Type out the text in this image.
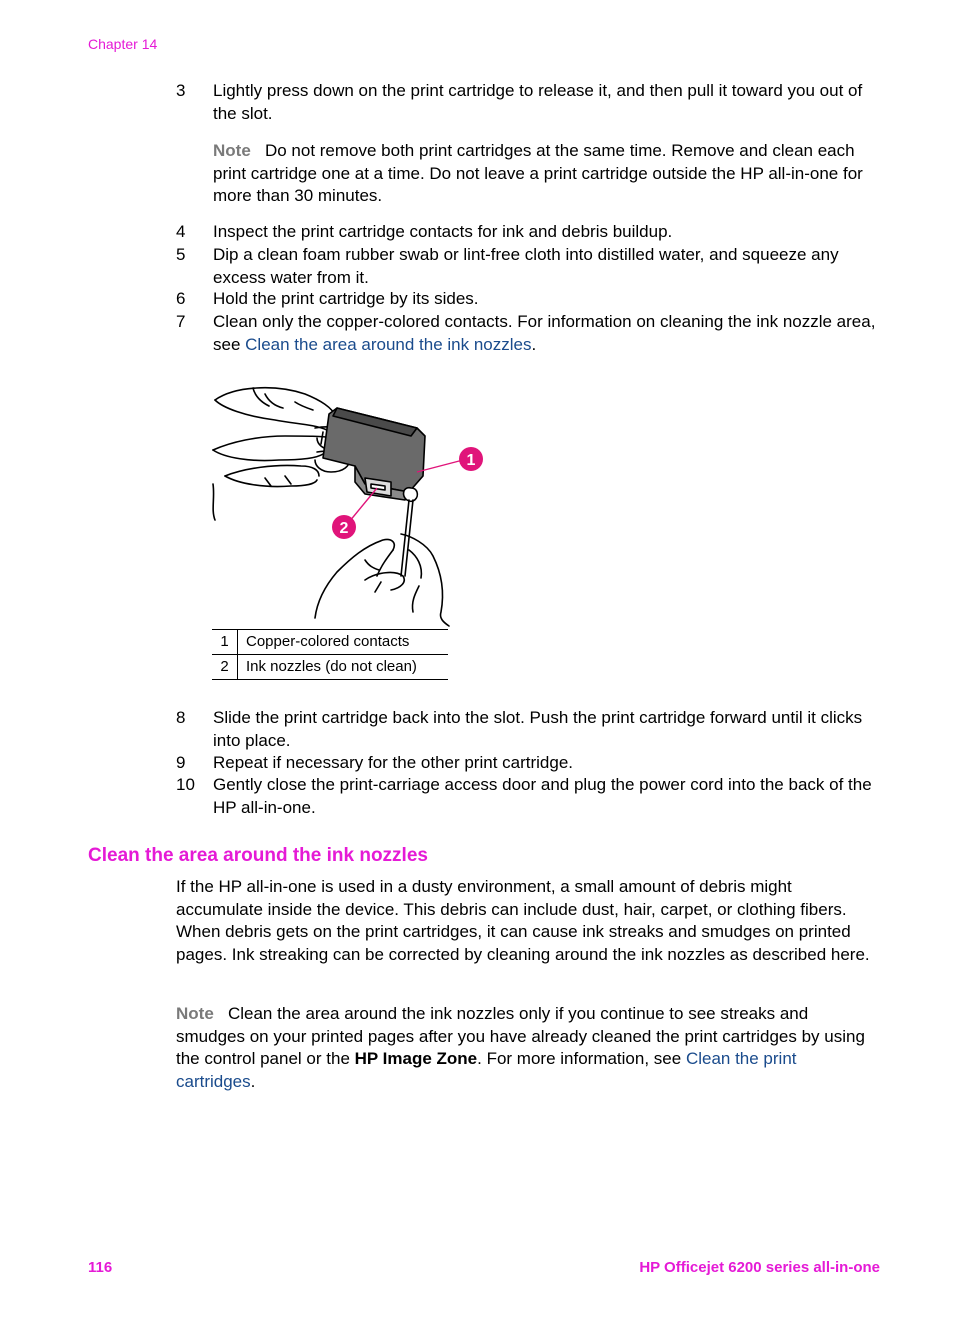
Chapter 14
3 Lightly press down on the print cartridge to release it, and then pull it toward you out of the slot.
Note Do not remove both print cartridges at the same time. Remove and clean each print cartridge one at a time. Do not leave a print cartridge outside the HP all-in-one for more than 30 minutes.
4 Inspect the print cartridge contacts for ink and debris buildup.
5 Dip a clean foam rubber swab or lint-free cloth into distilled water, and squeeze any excess water from it.
6 Hold the print cartridge by its sides.
7 Clean only the copper-colored contacts. For information on cleaning the ink nozzle area, see Clean the area around the ink nozzles.
1
2
1	Copper-colored contacts
2	Ink nozzles (do not clean)
8 Slide the print cartridge back into the slot. Push the print cartridge forward until it clicks into place.
9 Repeat if necessary for the other print cartridge.
10 Gently close the print-carriage access door and plug the power cord into the back of the HP all-in-one.
Clean the area around the ink nozzles
If the HP all-in-one is used in a dusty environment, a small amount of debris might accumulate inside the device. This debris can include dust, hair, carpet, or clothing fibers. When debris gets on the print cartridges, it can cause ink streaks and smudges on printed pages. Ink streaking can be corrected by cleaning around the ink nozzles as described here.
Note Clean the area around the ink nozzles only if you continue to see streaks and smudges on your printed pages after you have already cleaned the print cartridges by using the control panel or the HP Image Zone. For more information, see Clean the print cartridges.
116	HP Officejet 6200 series all-in-one
